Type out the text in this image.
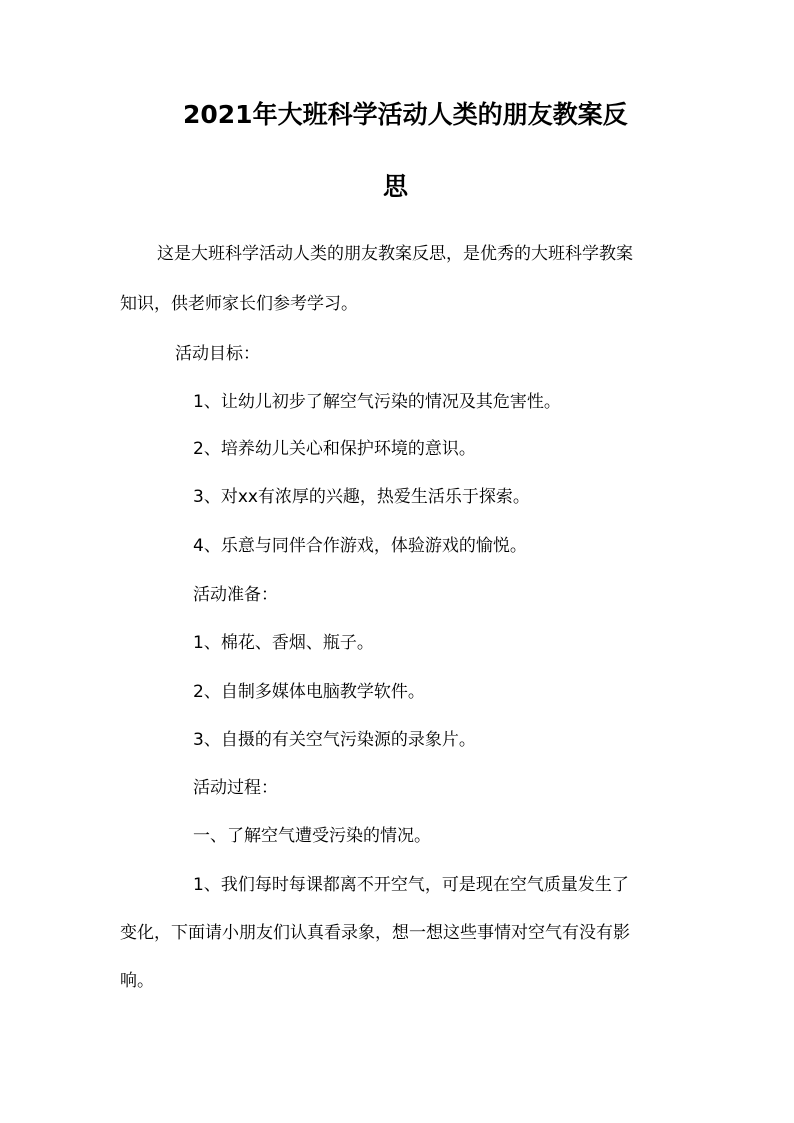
2021年大班科学活动人类的朋友教案反
思
这是大班科学活动人类的朋友教案反思，是优秀的大班科学教案
知识，供老师家长们参考学习。
活动目标：
1、让幼儿初步了解空气污染的情况及其危害性。
2、培养幼儿关心和保护环境的意识。
3、对xx有浓厚的兴趣，热爱生活乐于探索。
4、乐意与同伴合作游戏，体验游戏的愉悦。
活动准备：
1、棉花、香烟、瓶子。
2、自制多媒体电脑教学软件。
3、自摄的有关空气污染源的录象片。
活动过程：
一、了解空气遭受污染的情况。
1、我们每时每课都离不开空气，可是现在空气质量发生了
变化，下面请小朋友们认真看录象，想一想这些事情对空气有没有影
响。
